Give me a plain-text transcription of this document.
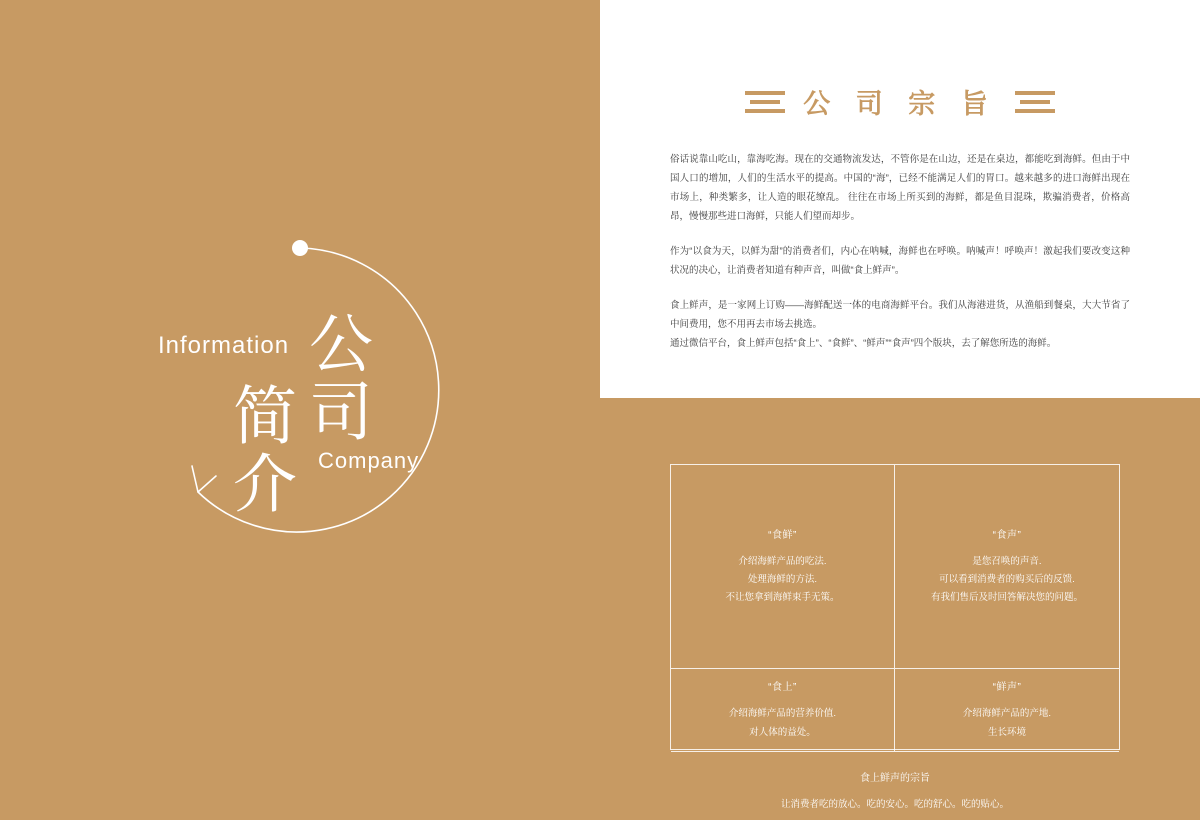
Information 公司
简介 Company
公 司 宗 旨

俗话说靠山吃山，靠海吃海。现在的交通物流发达，不管你是在山边，还是在桌边，都能吃到海鲜。但由于中国人口的增加，人们的生活水平的提高。中国的“海”，已经不能满足人们的胃口。越来越多的进口海鲜出现在市场上，种类繁多，让人造的眼花缭乱。 往往在市场上所买到的海鲜，都是鱼目混珠，欺骗消费者，价格高昂，慢慢那些进口海鲜，只能人们望而却步。

作为“以食为天，以鲜为甜”的消费者们，内心在呐喊，海鲜也在呼唤。呐喊声！呼唤声！激起我们要改变这种状况的决心，让消费者知道有种声音，叫做“食上鲜声”。

食上鲜声，是一家网上订购——海鲜配送一体的电商海鲜平台。我们从海港进货，从渔船到餐桌，大大节省了中间费用，您不用再去市场去挑选。

通过微信平台，食上鲜声包括“食上”、“食鲜”、“鲜声”“食声”四个版块，去了解您所选的海鲜。

“食鲜”
介绍海鲜产品的吃法.
处理海鲜的方法.
不让您拿到海鲜束手无策。
“食声”
是您召唤的声音.
可以看到消费者的购买后的反馈.
有我们售后及时回答解决您的问题。
“食上”
介绍海鲜产品的营养价值.
对人体的益处。
“鲜声”
介绍海鲜产品的产地.
生长环境
食上鲜声的宗旨
让消费者吃的放心。吃的安心。吃的舒心。吃的贴心。
